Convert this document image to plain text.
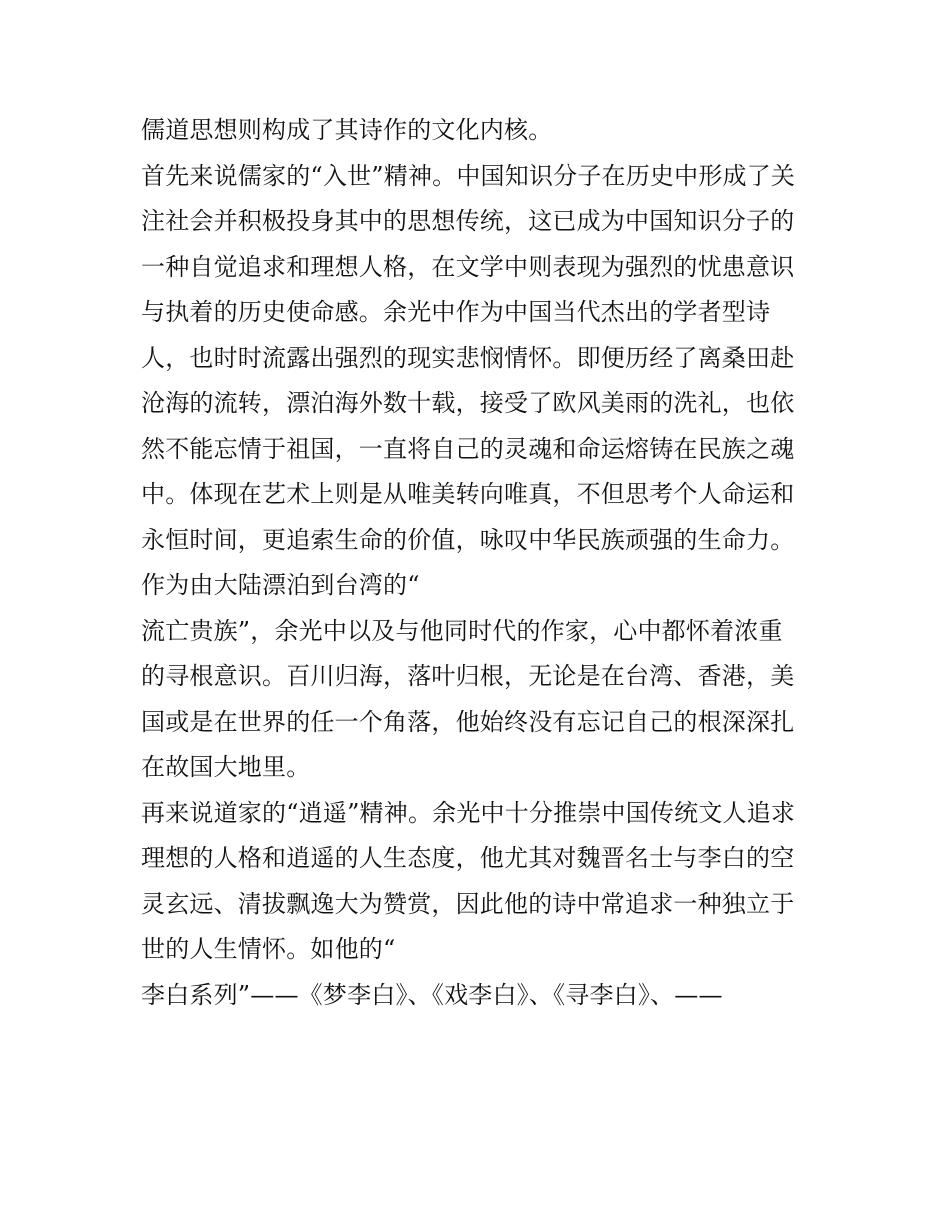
儒道思想则构成了其诗作的文化内核。

首先来说儒家的“入世”精神。中国知识分子在历史中形成了关

注社会并积极投身其中的思想传统，这已成为中国知识分子的

一种自觉追求和理想人格，在文学中则表现为强烈的忧患意识

与执着的历史使命感。余光中作为中国当代杰出的学者型诗

人，也时时流露出强烈的现实悲悯情怀。即便历经了离桑田赴

沧海的流转，漂泊海外数十载，接受了欧风美雨的洗礼，也依

然不能忘情于祖国，一直将自己的灵魂和命运熔铸在民族之魂

中。体现在艺术上则是从唯美转向唯真，不但思考个人命运和

永恒时间，更追索生命的价值，咏叹中华民族顽强的生命力。

作为由大陆漂泊到台湾的“

流亡贵族”，余光中以及与他同时代的作家，心中都怀着浓重

的寻根意识。百川归海，落叶归根，无论是在台湾、香港，美

国或是在世界的任一个角落，他始终没有忘记自己的根深深扎

在故国大地里。

再来说道家的“逍遥”精神。余光中十分推崇中国传统文人追求

理想的人格和逍遥的人生态度，他尤其对魏晋名士与李白的空

灵玄远、清拔飘逸大为赞赏，因此他的诗中常追求一种独立于

世的人生情怀。如他的“

李白系列”——《梦李白》、《戏李白》、《寻李白》、——
